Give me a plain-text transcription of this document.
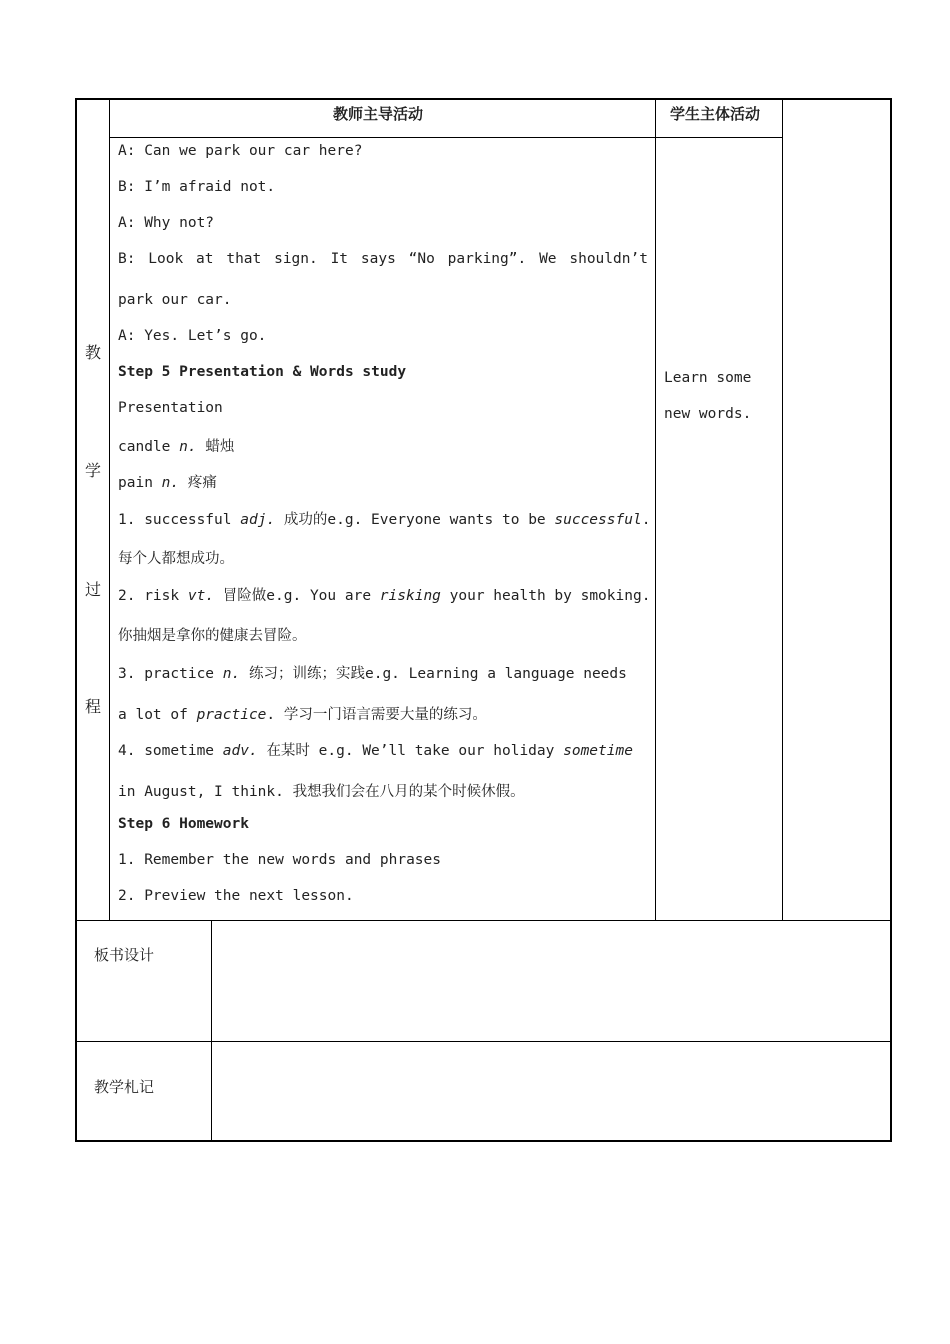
教师主导活动	学生主体活动
教
学
过
程
A: Can we park our car here?
B: I’m afraid not.
A: Why not?
B: Look at that sign. It says “No parking”. We shouldn’t
park our car.
A: Yes. Let’s go.
Step 5 Presentation & Words study
Presentation
candle n. 蜡烛
pain n. 疼痛
1. successful adj. 成功的e.g. Everyone wants to be successful.
每个人都想成功。
2. risk vt. 冒险做e.g. You are risking your health by smoking.
你抽烟是拿你的健康去冒险。
3. practice n. 练习；训练；实践e.g. Learning a language needs
a lot of practice. 学习一门语言需要大量的练习。
4. sometime adv. 在某时 e.g. We’ll take our holiday sometime
in August, I think. 我想我们会在八月的某个时候休假。
Step 6 Homework
1. Remember the new words and phrases
2. Preview the next lesson.
Learn some
new words.
板书设计
教学札记
